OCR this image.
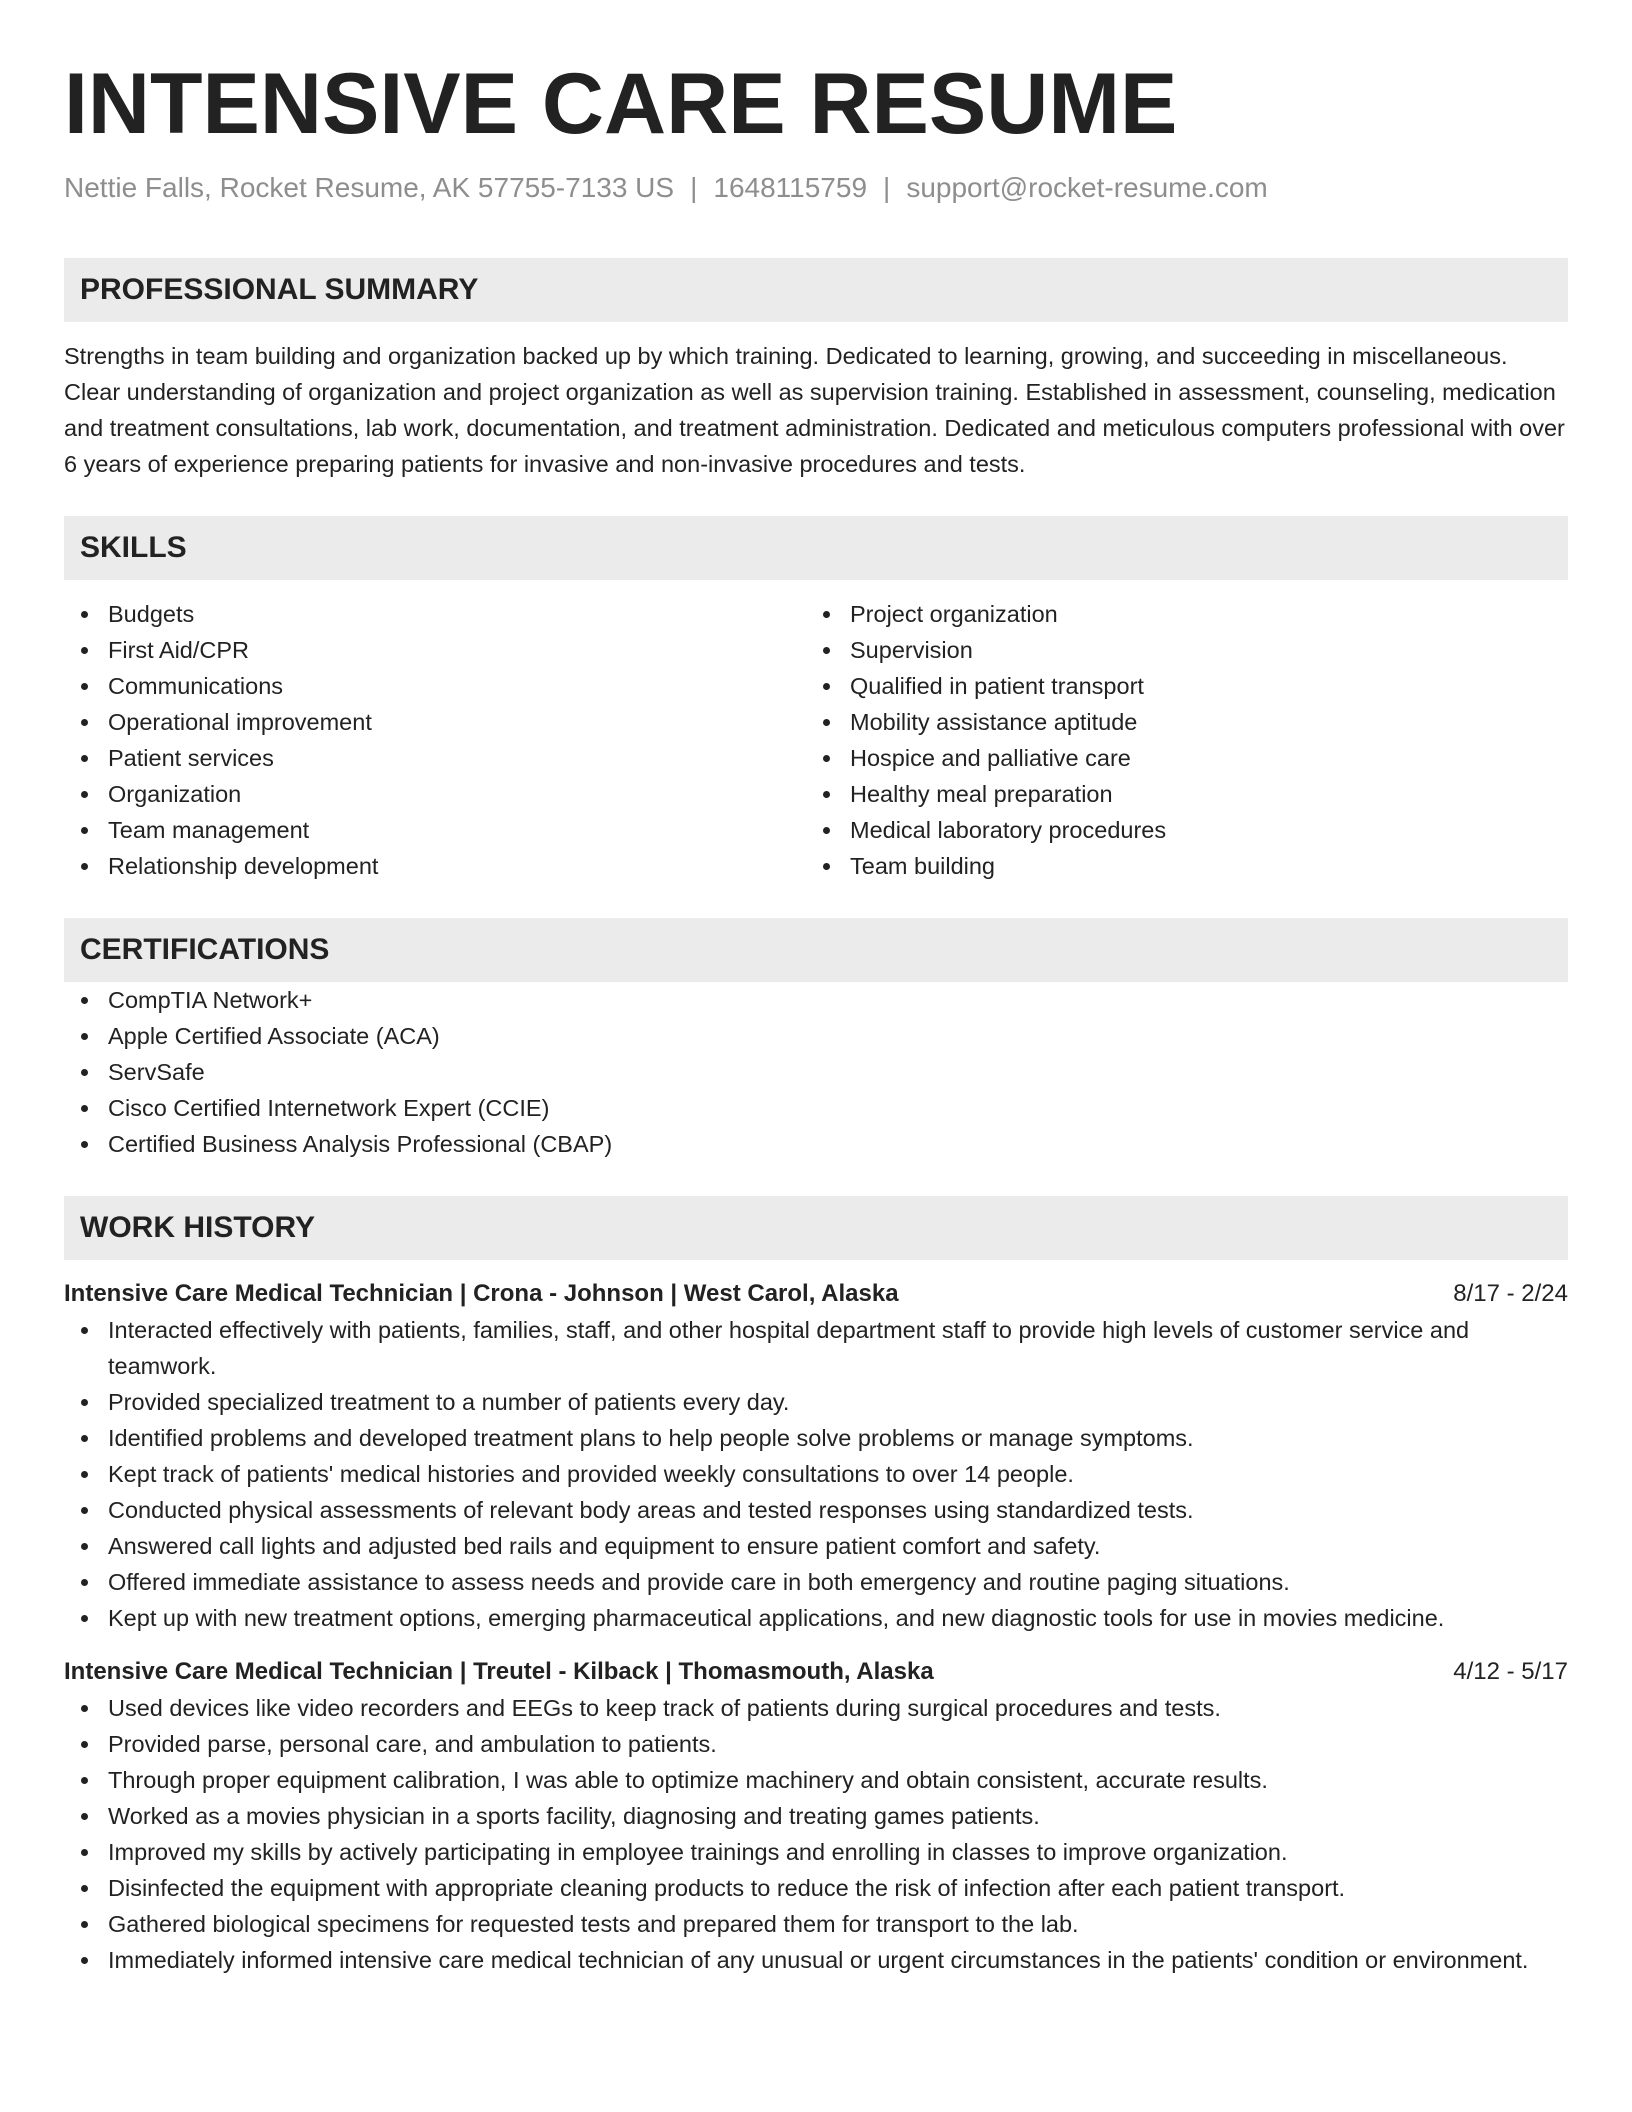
INTENSIVE CARE RESUME
Nettie Falls, Rocket Resume, AK 57755-7133 US | 1648115759 | support@rocket-resume.com
PROFESSIONAL SUMMARY

Strengths in team building and organization backed up by which training. Dedicated to learning, growing, and succeeding in miscellaneous. Clear understanding of organization and project organization as well as supervision training. Established in assessment, counseling, medication and treatment consultations, lab work, documentation, and treatment administration. Dedicated and meticulous computers professional with over 6 years of experience preparing patients for invasive and non-invasive procedures and tests.

SKILLS
Budgets
First Aid/CPR
Communications
Operational improvement
Patient services
Organization
Team management
Relationship development
Project organization
Supervision
Qualified in patient transport
Mobility assistance aptitude
Hospice and palliative care
Healthy meal preparation
Medical laboratory procedures
Team building
CERTIFICATIONS
CompTIA Network+
Apple Certified Associate (ACA)
ServSafe
Cisco Certified Internetwork Expert (CCIE)
Certified Business Analysis Professional (CBAP)
WORK HISTORY
Intensive Care Medical Technician | Crona - Johnson | West Carol, Alaska	8/17 - 2/24
Interacted effectively with patients, families, staff, and other hospital department staff to provide high levels of customer service and teamwork.
Provided specialized treatment to a number of patients every day.
Identified problems and developed treatment plans to help people solve problems or manage symptoms.
Kept track of patients' medical histories and provided weekly consultations to over 14 people.
Conducted physical assessments of relevant body areas and tested responses using standardized tests.
Answered call lights and adjusted bed rails and equipment to ensure patient comfort and safety.
Offered immediate assistance to assess needs and provide care in both emergency and routine paging situations.
Kept up with new treatment options, emerging pharmaceutical applications, and new diagnostic tools for use in movies medicine.
Intensive Care Medical Technician | Treutel - Kilback | Thomasmouth, Alaska	4/12 - 5/17
Used devices like video recorders and EEGs to keep track of patients during surgical procedures and tests.
Provided parse, personal care, and ambulation to patients.
Through proper equipment calibration, I was able to optimize machinery and obtain consistent, accurate results.
Worked as a movies physician in a sports facility, diagnosing and treating games patients.
Improved my skills by actively participating in employee trainings and enrolling in classes to improve organization.
Disinfected the equipment with appropriate cleaning products to reduce the risk of infection after each patient transport.
Gathered biological specimens for requested tests and prepared them for transport to the lab.
Immediately informed intensive care medical technician of any unusual or urgent circumstances in the patients' condition or environment.
